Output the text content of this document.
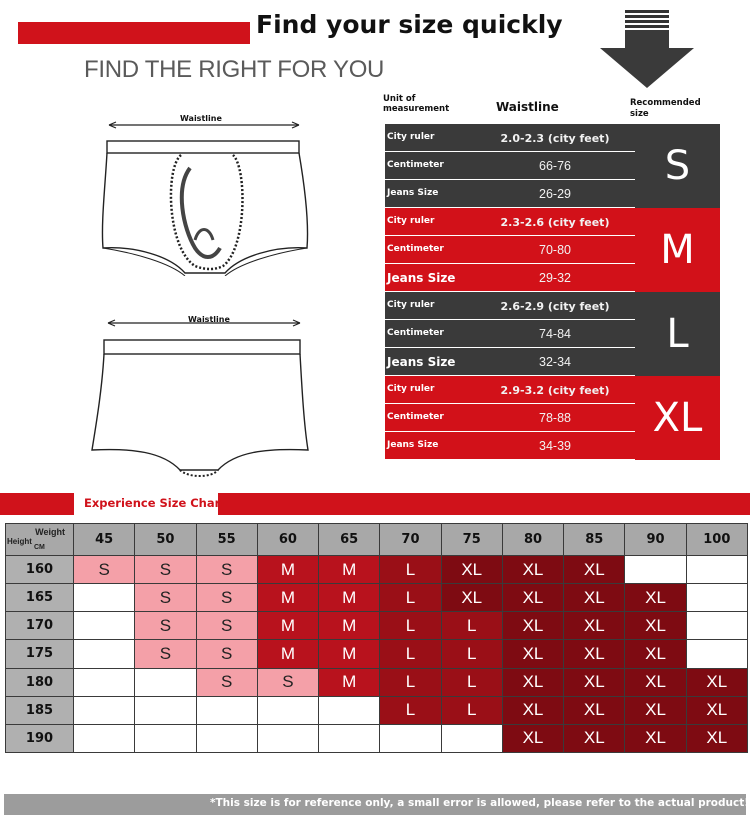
Find your size quickly
FIND THE RIGHT FOR YOU
Waistline
Waistline
Unit of measurement	Waistline	Recommended size
City ruler	2.0-2.3 (city feet)
Centimeter	66-76
Jeans Size	26-29
S
City ruler	2.3-2.6 (city feet)
Centimeter	70-80
Jeans Size	29-32
M
City ruler	2.6-2.9 (city feet)
Centimeter	74-84
Jeans Size	32-34
L
City ruler	2.9-3.2 (city feet)
Centimeter	78-88
Jeans Size	34-39
XL
Experience Size Chart
Weight
Height
CM	45	50	55	60	65	70	75	80	85	90	100
160	S	S	S	M	M	L	XL	XL	XL		
165		S	S	M	M	L	XL	XL	XL	XL	
170		S	S	M	M	L	L	XL	XL	XL	
175		S	S	M	M	L	L	XL	XL	XL	
180			S	S	M	L	L	XL	XL	XL	XL
185						L	L	XL	XL	XL	XL
190								XL	XL	XL	XL
*This size is for reference only, a small error is allowed, please refer to the actual product!
